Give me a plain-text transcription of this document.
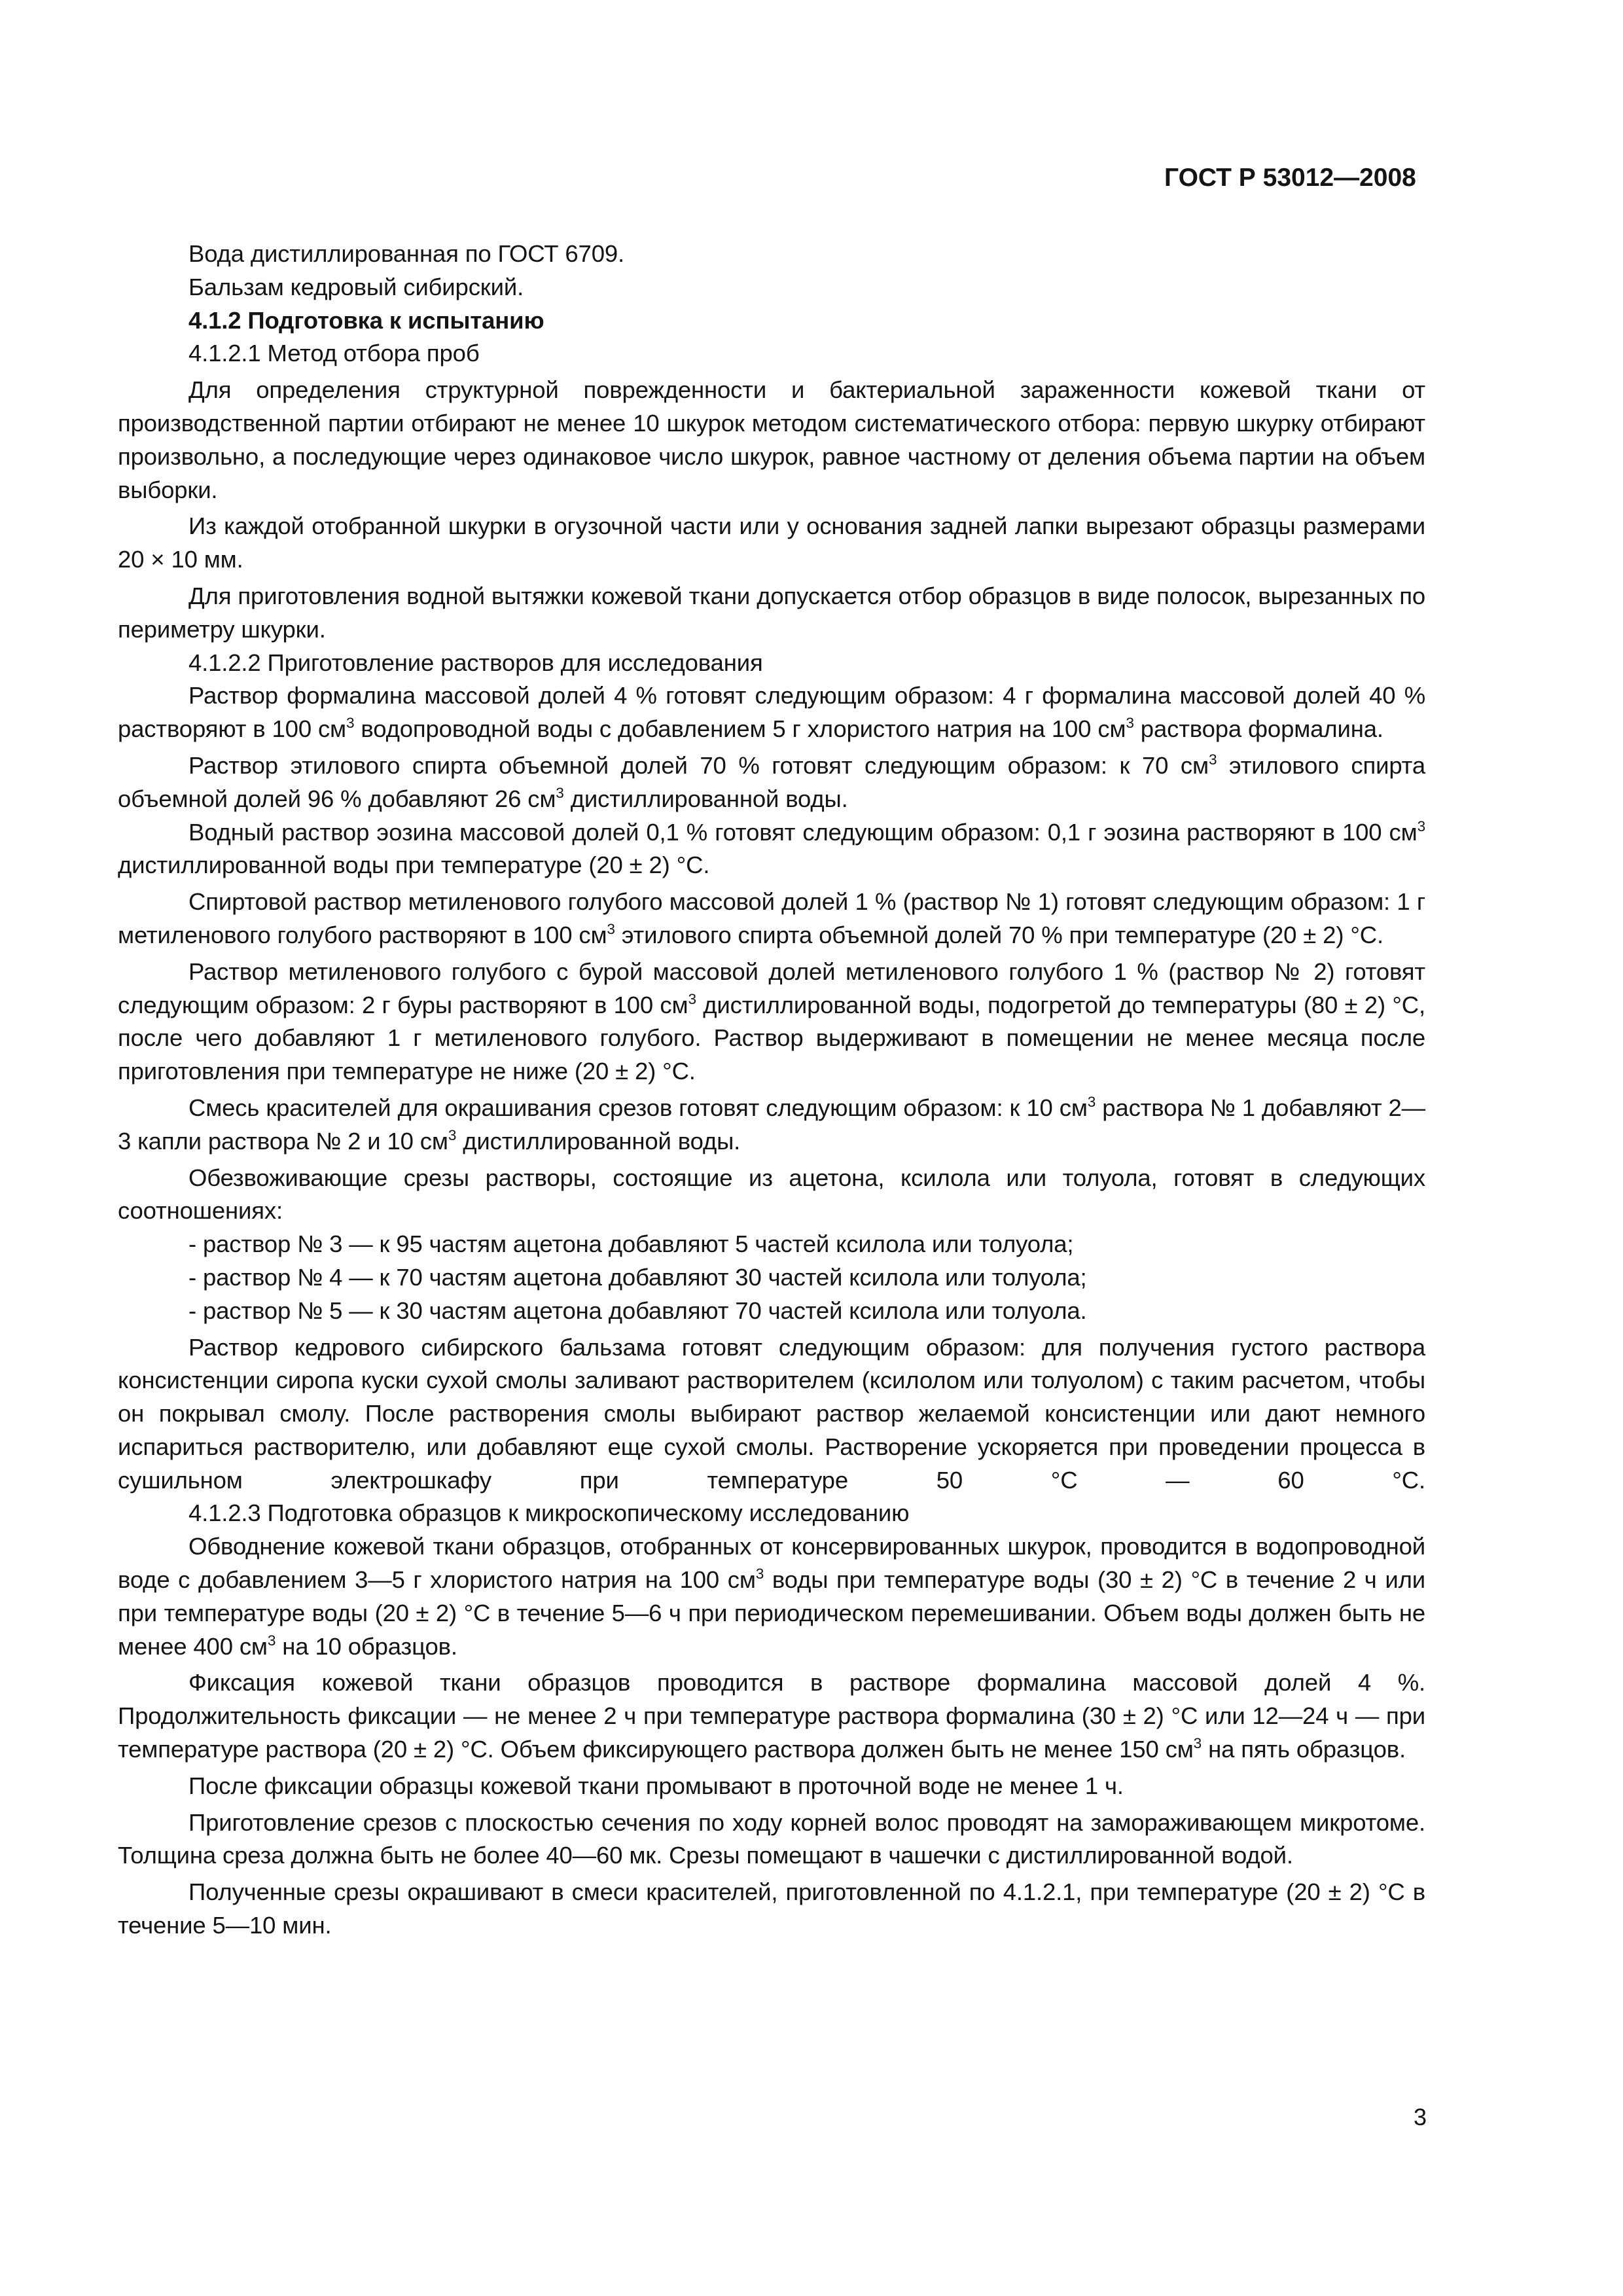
ГОСТ Р 53012—2008

Вода дистиллированная по ГОСТ 6709.

Бальзам кедровый сибирский.

4.1.2 Подготовка к испытанию

4.1.2.1 Метод отбора проб

Для определения структурной поврежденности и бактериальной зараженности кожевой ткани от производственной партии отбирают не менее 10 шкурок методом систематического отбора: первую шкурку отбирают произвольно, а последующие через одинаковое число шкурок, равное частному от деления объема партии на объем выборки.

Из каждой отобранной шкурки в огузочной части или у основания задней лапки вырезают образцы размерами 20 × 10 мм.

Для приготовления водной вытяжки кожевой ткани допускается отбор образцов в виде полосок, вырезанных по периметру шкурки.

4.1.2.2 Приготовление растворов для исследования

Раствор формалина массовой долей 4 % готовят следующим образом: 4 г формалина массовой долей 40 % растворяют в 100 $см^3$ водопроводной воды с добавлением 5 г хлористого натрия на 100 $см^3$ раствора формалина.

Раствор этилового спирта объемной долей 70 % готовят следующим образом: к 70 $см^3$ этилового спирта объемной долей 96 % добавляют 26 $см^3$ дистиллированной воды.

Водный раствор эозина массовой долей 0,1 % готовят следующим образом: 0,1 г эозина растворяют в 100 $см^3$ дистиллированной воды при температуре (20 ± 2) °С.

Спиртовой раствор метиленового голубого массовой долей 1 % (раствор № 1) готовят следующим образом: 1 г метиленового голубого растворяют в 100 $см^3$ этилового спирта объемной долей 70 % при температуре (20 ± 2) °С.

Раствор метиленового голубого с бурой массовой долей метиленового голубого 1 % (раствор № 2) готовят следующим образом: 2 г буры растворяют в 100 $см^3$ дистиллированной воды, подогретой до температуры (80 ± 2) °С, после чего добавляют 1 г метиленового голубого. Раствор выдерживают в помещении не менее месяца после приготовления при температуре не ниже (20 ± 2) °С.

Смесь красителей для окрашивания срезов готовят следующим образом: к 10 $см^3$ раствора № 1 добавляют 2—3 капли раствора № 2 и 10 $см^3$ дистиллированной воды.

Обезвоживающие срезы растворы, состоящие из ацетона, ксилола или толуола, готовят в следующих соотношениях:

- раствор № 3 — к 95 частям ацетона добавляют 5 частей ксилола или толуола;

- раствор № 4 — к 70 частям ацетона добавляют 30 частей ксилола или толуола;

- раствор № 5 — к 30 частям ацетона добавляют 70 частей ксилола или толуола.

Раствор кедрового сибирского бальзама готовят следующим образом: для получения густого раствора консистенции сиропа куски сухой смолы заливают растворителем (ксилолом или толуолом) с таким расчетом, чтобы он покрывал смолу. После растворения смолы выбирают раствор желаемой консистенции или дают немного испариться растворителю, или добавляют еще сухой смолы. Растворение ускоряется при проведении процесса в сушильном электрошкафу при температуре 50 °С — 60 °С.

4.1.2.3 Подготовка образцов к микроскопическому исследованию

Обводнение кожевой ткани образцов, отобранных от консервированных шкурок, проводится в водопроводной воде с добавлением 3—5 г хлористого натрия на 100 $см^3$ воды при температуре воды (30 ± 2) °С в течение 2 ч или при температуре воды (20 ± 2) °С в течение 5—6 ч при периодическом перемешивании. Объем воды должен быть не менее 400 $см^3$ на 10 образцов.

Фиксация кожевой ткани образцов проводится в растворе формалина массовой долей 4 %. Продолжительность фиксации — не менее 2 ч при температуре раствора формалина (30 ± 2) °С или 12—24 ч — при температуре раствора (20 ± 2) °С. Объем фиксирующего раствора должен быть не менее 150 $см^3$ на пять образцов.

После фиксации образцы кожевой ткани промывают в проточной воде не менее 1 ч.

Приготовление срезов с плоскостью сечения по ходу корней волос проводят на замораживающем микротоме. Толщина среза должна быть не более 40—60 мк. Срезы помещают в чашечки с дистиллированной водой.

Полученные срезы окрашивают в смеси красителей, приготовленной по 4.1.2.1, при температуре (20 ± 2) °С в течение 5—10 мин.

3
